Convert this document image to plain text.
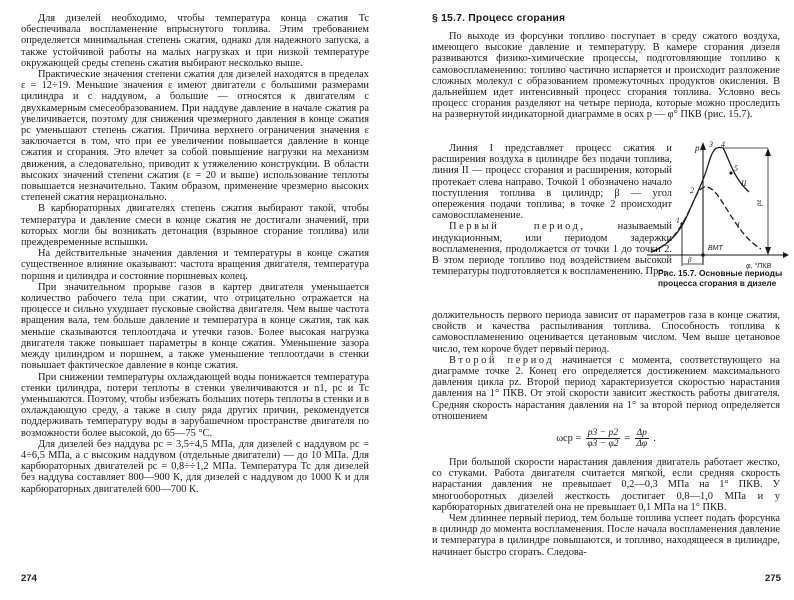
Для дизелей необходимо, чтобы температура конца сжатия Tc обеспечивала воспламенение впрыснутого топлива. Этим требованием определяется минимальная степень сжатия, однако для надежного запуска, а также устойчивой работы на малых нагрузках и при низкой температуре окружающей среды степень сжатия выбирают несколько выше.

Практические значения степени сжатия для дизелей находятся в пределах ε = 12÷19. Меньшие значения ε имеют двигатели с большими размерами цилиндра и с наддувом, а большие — относятся к двигателям с двухкамерным смесеобразованием. При наддуве давление в начале сжатия pa увеличивается, поэтому для снижения чрезмерного давления в конце сжатия pc уменьшают степень сжатия. Причина верхнего ограничения значения ε заключается в том, что при ее увеличении повышается давление в конце сжатия и сгорания. Это влечет за собой повышение нагрузки на механизм движения, а следовательно, приводит к утяжелению конструкции. В области высоких значений степени сжатия (ε = 20 и выше) использование теплоты повышается незначительно. Таким образом, применение чрезмерно высоких степеней сжатия нерационально.

В карбюраторных двигателях степень сжатия выбирают такой, чтобы температура и давление смеси в конце сжатия не достигали значений, при которых могли бы возникать детонация (взрывное сгорание топлива) или преждевременные вспышки.

На действительные значения давления и температуры в конце сжатия существенное влияние оказывают: частота вращения двигателя, температура поршня и цилиндра и состояние поршневых колец.

При значительном прорыве газов в картер двигателя уменьшается количество рабочего тела при сжатии, что отрицательно отражается на процессе и сильно ухудшает пусковые свойства двигателя. Чем выше частота вращения вала, тем больше давление и температура в конце сжатия, так как меньше сказываются теплоотдача и утечки газов. Более высокая нагрузка двигателя также повышает параметры в конце сжатия. Уменьшение зазора между цилиндром и поршнем, а также уменьшение теплоотдачи в стенки повышает фактическое давление в конце сжатия.

При снижении температуры охлаждающей воды понижается температура стенки цилиндра, потери теплоты в стенки увеличиваются и n1, pc и Tc уменьшаются. Поэтому, чтобы избежать больших потерь теплоты в стенки и в охлаждающую среду, а также в силу ряда других причин, рекомендуется поддерживать температуру воды в зарубашечном пространстве двигателя по возможности более высокой, до 65—75 °C.

Для дизелей без наддува pc = 3,5÷4,5 МПа, для дизелей с наддувом pc = 4÷6,5 МПа, а с высоким наддувом (отдельные двигатели) — до 10 МПа. Для карбюраторных двигателей pc = 0,8÷÷1,2 МПа. Температура Tc для дизелей без наддува составляет 800—900 К, для дизелей с наддувом до 1000 К и для карбюраторных двигателей 600—700 К.

274
§ 15.7. Процесс сгорания

По выходе из форсунки топливо поступает в среду сжатого воздуха, имеющего высокие давление и температуру. В камере сгорания дизеля развиваются физико-химические процессы, подготовляющие топливо к самовоспламенению: топливо частично испаряется и происходит разложение сложных молекул с образованием промежуточных продуктов окисления. В дальнейшем идет интенсивный процесс сгорания топлива. Условно весь процесс сгорания разделяют на четыре периода, которые можно проследить на развернутой индикаторной диаграмме в осях p — φ° ПКВ (рис. 15.7).

Линия I представляет процесс сжатия и расширения воздуха в цилиндре без подачи топлива, линия II — процесс сгорания и расширения, который протекает слева направо. Точкой 1 обозначено начало поступления топлива в цилиндр; β — угол опережения подачи топлива; в точке 2 происходит самовоспламенение.

Первый период, называемый индукционным, или периодом задержки воспламенения, продолжается от точки 1 до точки 2. В этом периоде топливо под воздействием высокой температуры подготовляется к воспламенению. Про-

должительность первого периода зависит от параметров газа в конце сжатия, свойств и качества распыливания топлива. Способность топлива к самовоспламенению оценивается цетановым числом. Чем выше цетановое число, тем короче будет первый период.

Второй период начинается с момента, соответствующего на диаграмме точке 2. Конец его определяется достижением максимального давления цикла pz. Второй период характеризуется скоростью нарастания давления на 1° ПКВ. От этой скорости зависит жесткость работы двигателя. Средняя скорость нарастания давления на 1° за второй период определяется отношением

$\omega ср = \frac{p3 - p2}{\varphi 3 - \varphi 2} = \frac{\Delta p}{\Delta\varphi}$ .

При большой скорости нарастания давления двигатель работает жестко, со стуками. Работа двигателя считается мягкой, если средняя скорость нарастания давления не превышает 0,2—0,3 МПа на 1° ПКВ. У многооборотных дизелей жесткость достигает 0,8—1,0 МПа и у карбюраторных двигателей она не превышает 0,1 МПа на 1° ПКВ.

Чем длиннее первый период, тем больше топлива успеет подать форсунка в цилиндр до момента воспламенения. После начала воспламенения давление и температура в цилиндре повышаются, и топливо, находящееся в цилиндре, начинает быстро сгорать. Следова-

275
p 3 4
5
2
1
II
I
ВМТ
β
pz
φ, °ПКВ
Рис. 15.7. Основные периоды процесса сгорания в дизеле
